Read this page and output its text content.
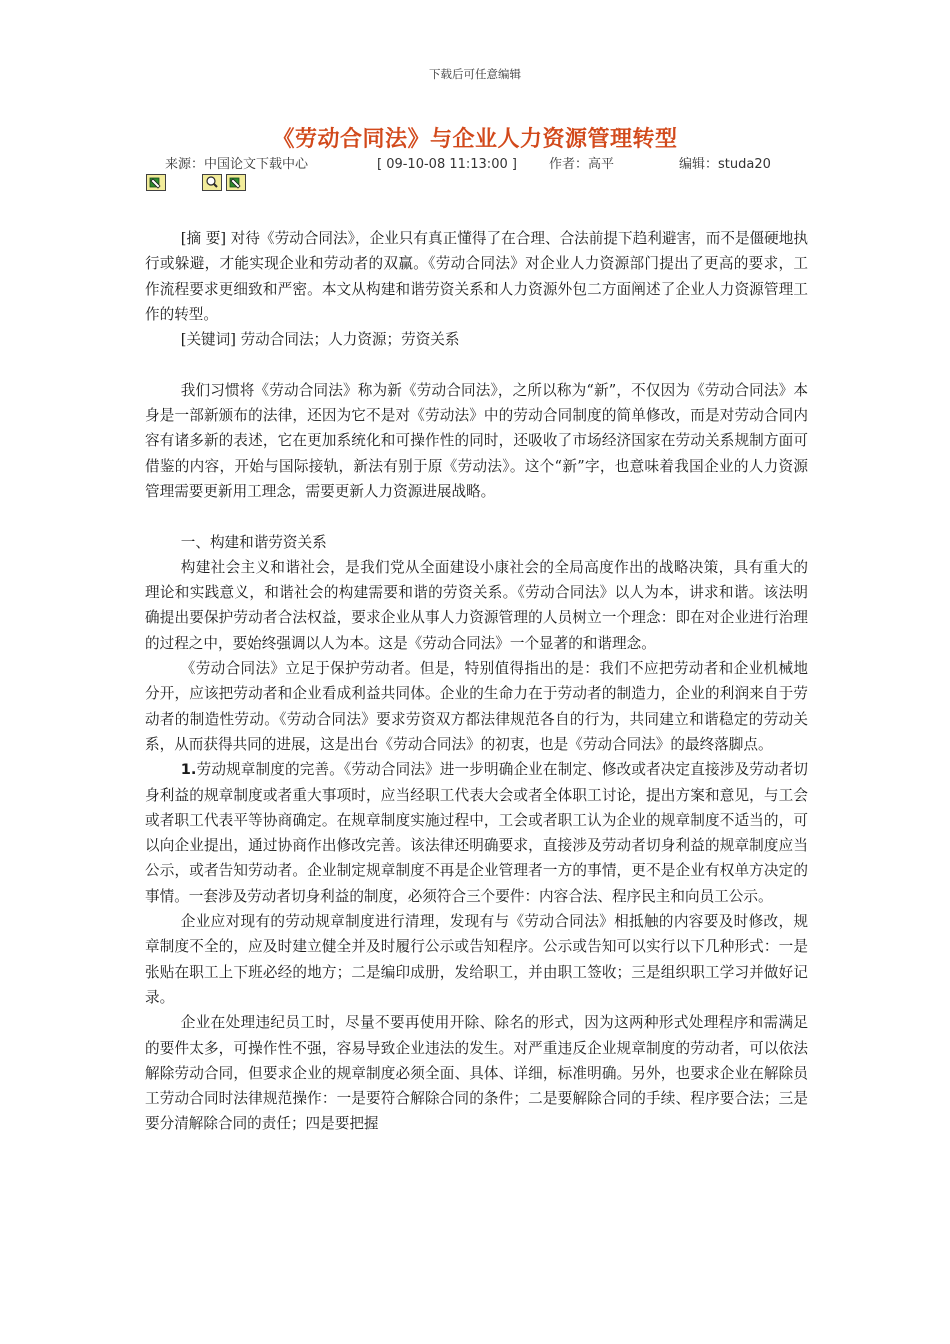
下载后可任意编辑
《劳动合同法》与企业人力资源管理转型
来源：中国论文下载中心	[ 09-10-08 11:13:00 ] 作者：高平	编辑：studa20

[摘 要] 对待《劳动合同法》，企业只有真正懂得了在合理、合法前提下趋利避害，而不是僵硬地执行或躲避，才能实现企业和劳动者的双赢。《劳动合同法》对企业人力资源部门提出了更高的要求，工作流程要求更细致和严密。本文从构建和谐劳资关系和人力资源外包二方面阐述了企业人力资源管理工作的转型。

[关键词] 劳动合同法；人力资源；劳资关系

我们习惯将《劳动合同法》称为新《劳动合同法》，之所以称为“新”，不仅因为《劳动合同法》本身是一部新颁布的法律，还因为它不是对《劳动法》中的劳动合同制度的简单修改，而是对劳动合同内容有诸多新的表述，它在更加系统化和可操作性的同时，还吸收了市场经济国家在劳动关系规制方面可借鉴的内容，开始与国际接轨，新法有别于原《劳动法》。这个“新”字，也意味着我国企业的人力资源管理需要更新用工理念，需要更新人力资源进展战略。

一、构建和谐劳资关系

构建社会主义和谐社会，是我们党从全面建设小康社会的全局高度作出的战略决策，具有重大的理论和实践意义，和谐社会的构建需要和谐的劳资关系。《劳动合同法》以人为本，讲求和谐。该法明确提出要保护劳动者合法权益，要求企业从事人力资源管理的人员树立一个理念：即在对企业进行治理的过程之中，要始终强调以人为本。这是《劳动合同法》一个显著的和谐理念。

《劳动合同法》立足于保护劳动者。但是，特别值得指出的是：我们不应把劳动者和企业机械地分开，应该把劳动者和企业看成利益共同体。企业的生命力在于劳动者的制造力，企业的利润来自于劳动者的制造性劳动。《劳动合同法》要求劳资双方都法律规范各自的行为，共同建立和谐稳定的劳动关系，从而获得共同的进展，这是出台《劳动合同法》的初衷，也是《劳动合同法》的最终落脚点。

1.劳动规章制度的完善。《劳动合同法》进一步明确企业在制定、修改或者决定直接涉及劳动者切身利益的规章制度或者重大事项时，应当经职工代表大会或者全体职工讨论，提出方案和意见，与工会或者职工代表平等协商确定。在规章制度实施过程中，工会或者职工认为企业的规章制度不适当的，可以向企业提出，通过协商作出修改完善。该法律还明确要求，直接涉及劳动者切身利益的规章制度应当公示，或者告知劳动者。企业制定规章制度不再是企业管理者一方的事情，更不是企业有权单方决定的事情。一套涉及劳动者切身利益的制度，必须符合三个要件：内容合法、程序民主和向员工公示。

企业应对现有的劳动规章制度进行清理，发现有与《劳动合同法》相抵触的内容要及时修改，规章制度不全的，应及时建立健全并及时履行公示或告知程序。公示或告知可以实行以下几种形式：一是张贴在职工上下班必经的地方；二是编印成册，发给职工，并由职工签收；三是组织职工学习并做好记录。

企业在处理违纪员工时，尽量不要再使用开除、除名的形式，因为这两种形式处理程序和需满足的要件太多，可操作性不强，容易导致企业违法的发生。对严重违反企业规章制度的劳动者，可以依法解除劳动合同，但要求企业的规章制度必须全面、具体、详细，标准明确。另外，也要求企业在解除员工劳动合同时法律规范操作：一是要符合解除合同的条件；二是要解除合同的手续、程序要合法；三是要分清解除合同的责任；四是要把握
